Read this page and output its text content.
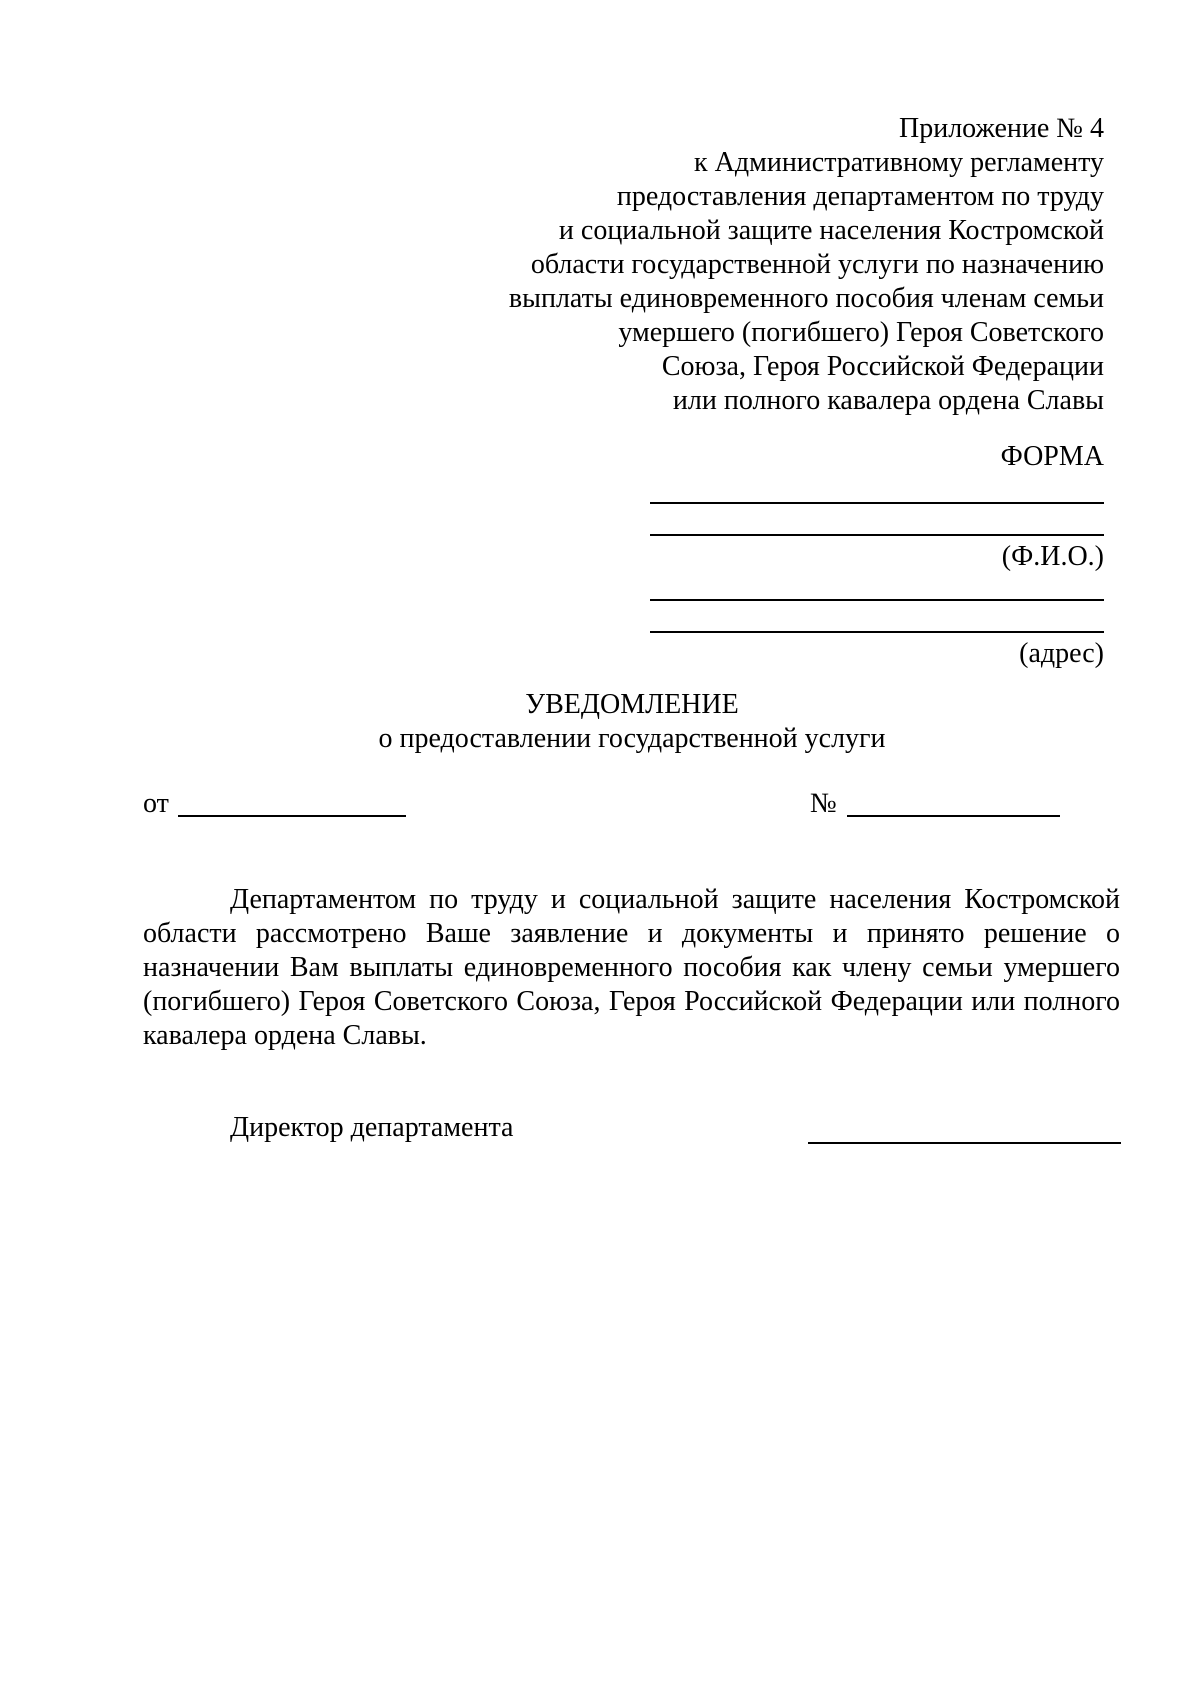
Приложение № 4
к Административному регламенту
предоставления департаментом по труду
и социальной защите населения Костромской
области государственной услуги по назначению
выплаты единовременного пособия членам семьи
умершего (погибшего) Героя Советского
Союза, Героя Российской Федерации
или полного кавалера ордена Славы
ФОРМА
(Ф.И.О.)
(адрес)
УВЕДОМЛЕНИЕ
о предоставлении государственной услуги
от	№
Департаментом по труду и социальной защите населения Костромской области рассмотрено Ваше заявление и документы и принято решение о назначении Вам выплаты единовременного пособия как члену семьи умершего (погибшего) Героя Советского Союза, Героя Российской Федерации или полного кавалера ордена Славы.
Директор департамента
